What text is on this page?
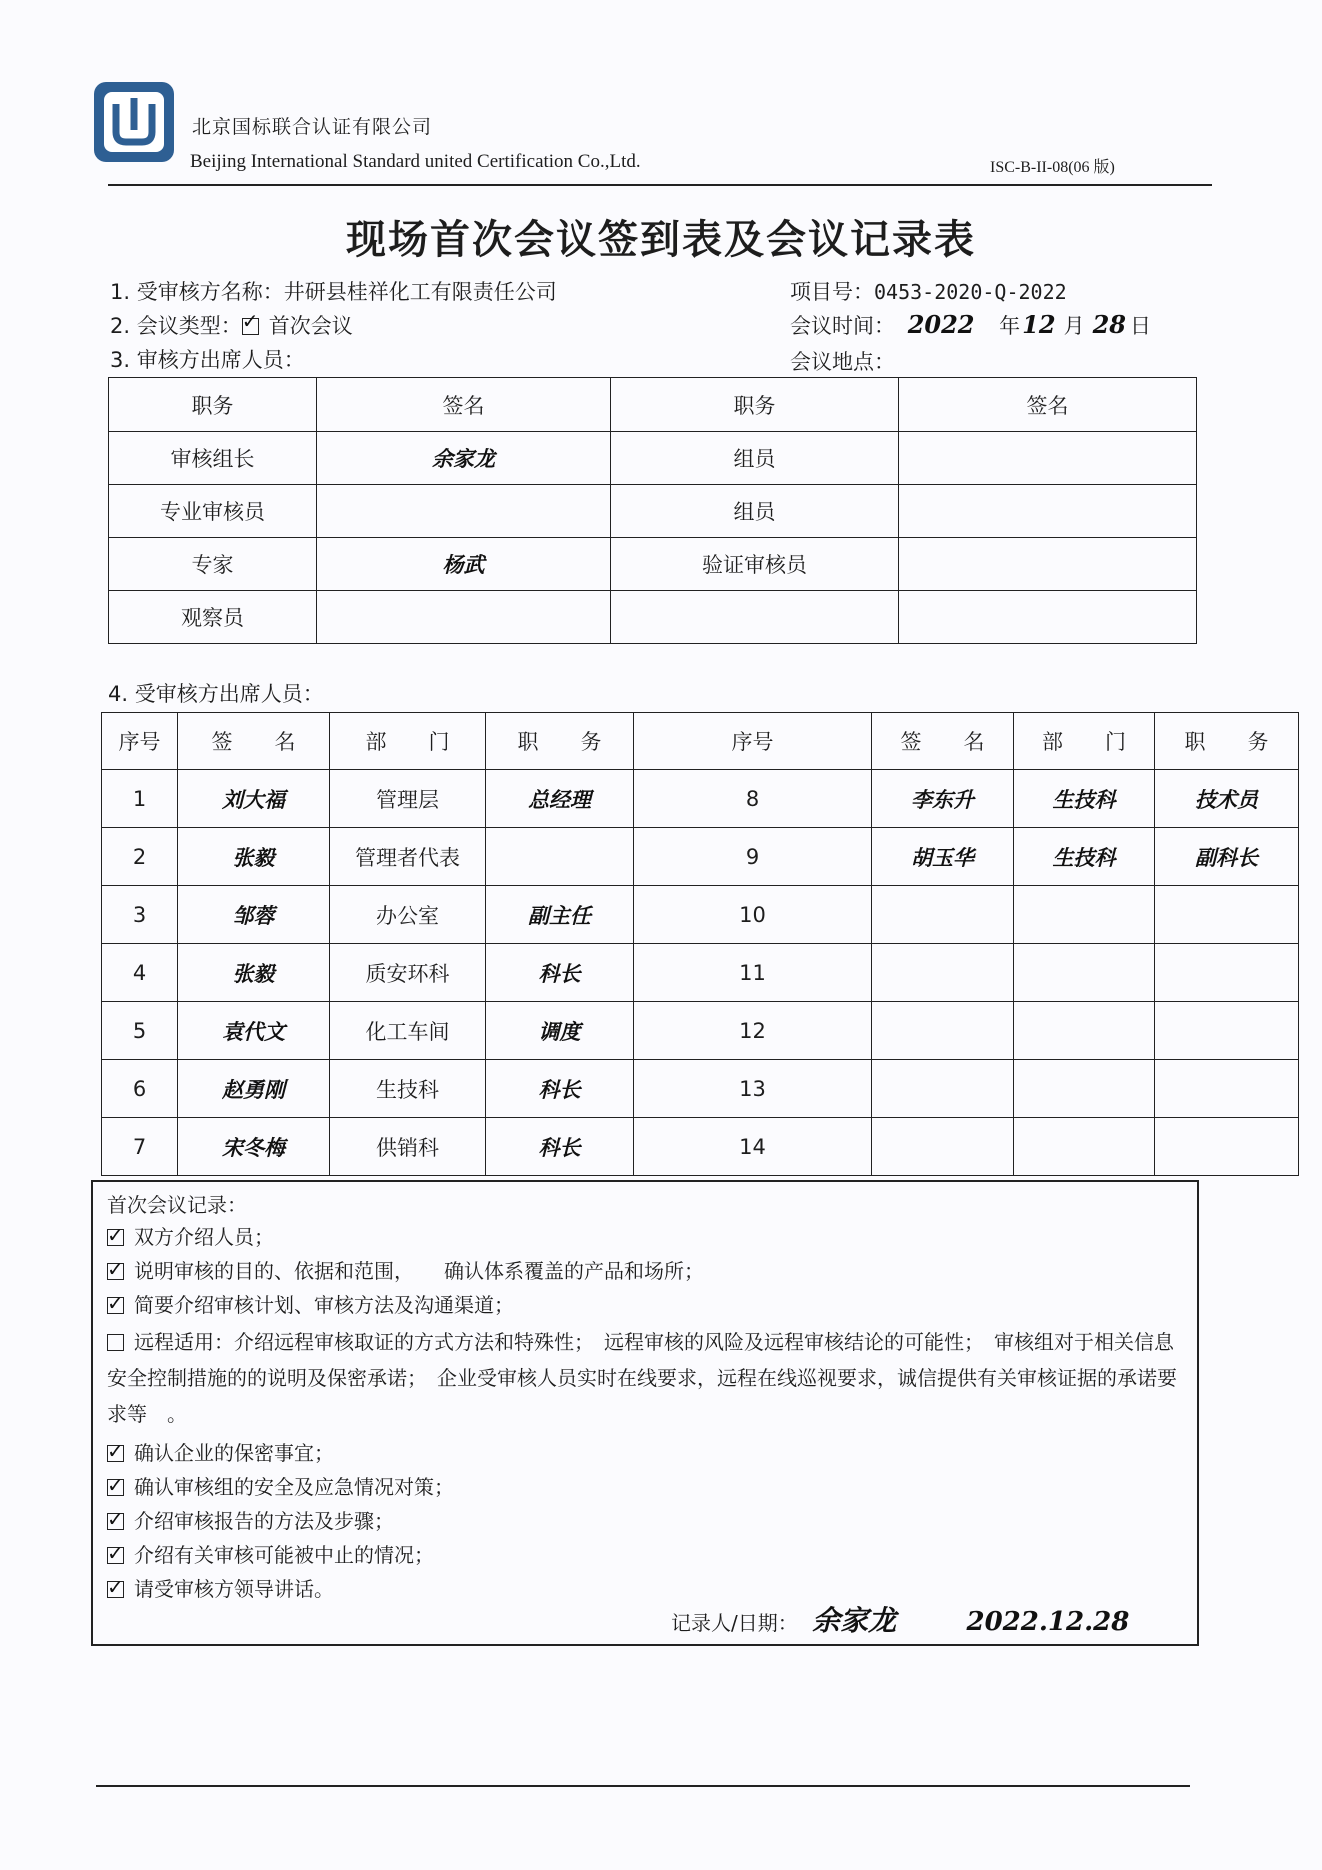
北京国标联合认证有限公司
Beijing International Standard united Certification Co.,Ltd.	ISC-B-II-08(06 版)
现场首次会议签到表及会议记录表
1. 受审核方名称：井研县桂祥化工有限责任公司	项目号：0453-2020-Q-2022
2. 会议类型： ✓ 首次会议	会议时间： 2022 年12 月 28 日
3. 审核方出席人员：	会议地点：
职务	签名	职务	签名
审核组长	余家龙	组员	
专业审核员		组员	
专家	杨武	验证审核员	
观察员			
4. 受审核方出席人员：
序号	签　　名	部　　门	职　　务	序号	签　　名	部　　门	职　　务
1	刘大福	管理层	总经理	8	李东升	生技科	技术员
2	张毅	管理者代表		9	胡玉华	生技科	副科长
3	邹蓉	办公室	副主任	10			
4	张毅	质安环科	科长	11			
5	袁代文	化工车间	调度	12			
6	赵勇刚	生技科	科长	13			
7	宋冬梅	供销科	科长	14			
首次会议记录：
✓双方介绍人员；
✓说明审核的目的、依据和范围，　　确认体系覆盖的产品和场所；
✓简要介绍审核计划、审核方法及沟通渠道；
远程适用：介绍远程审核取证的方式方法和特殊性；　远程审核的风险及远程审核结论的可能性；　审核组对于相关信息安全控制措施的的说明及保密承诺；　企业受审核人员实时在线要求，远程在线巡视要求，诚信提供有关审核证据的承诺要求等　。
✓确认企业的保密事宜；
✓确认审核组的安全及应急情况对策；
✓介绍审核报告的方法及步骤；
✓介绍有关审核可能被中止的情况；
✓请受审核方领导讲话。
记录人/日期： 余家龙	2022.12.28
